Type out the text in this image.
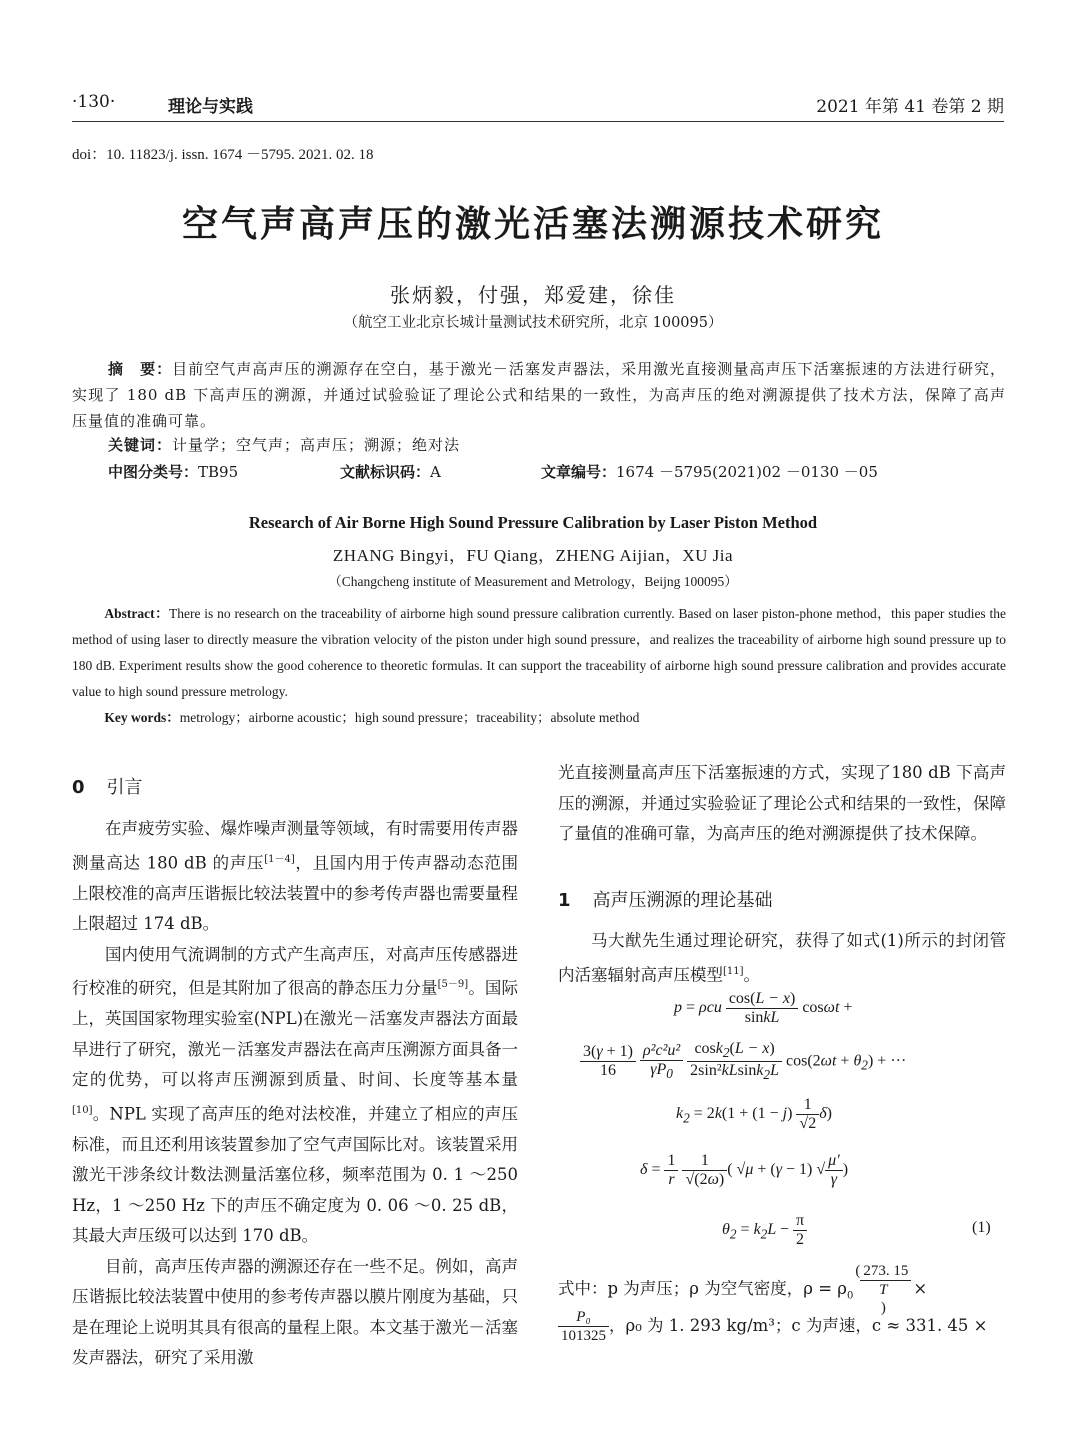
·130·	理论与实践	2021 年第 41 卷第 2 期
doi：10. 11823/j. issn. 1674 －5795. 2021. 02. 18
空气声高声压的激光活塞法溯源技术研究
张炳毅，付强，郑爱建，徐佳
（航空工业北京长城计量测试技术研究所，北京 100095）
摘　要：目前空气声高声压的溯源存在空白，基于激光－活塞发声器法，采用激光直接测量高声压下活塞振速的方法进行研究，实现了 180 dB 下高声压的溯源，并通过试验验证了理论公式和结果的一致性，为高声压的绝对溯源提供了技术方法，保障了高声压量值的准确可靠。
关键词：计量学；空气声；高声压；溯源；绝对法
中图分类号：TB95	文献标识码：A	文章编号：1674 －5795(2021)02 －0130 －05
Research of Air Borne High Sound Pressure Calibration by Laser Piston Method
ZHANG Bingyi，FU Qiang，ZHENG Aijian，XU Jia
（Changcheng institute of Measurement and Metrology，Beijng 100095）
Abstract：There is no research on the traceability of airborne high sound pressure calibration currently. Based on laser piston-phone method，this paper studies the method of using laser to directly measure the vibration velocity of the piston under high sound pressure，and realizes the traceability of airborne high sound pressure up to 180 dB. Experiment results show the good coherence to theoretic formulas. It can support the traceability of airborne high sound pressure calibration and provides accurate value to high sound pressure metrology.
Key words：metrology；airborne acoustic；high sound pressure；traceability；absolute method
0 引言

在声疲劳实验、爆炸噪声测量等领域，有时需要用传声器测量高达 180 dB 的声压[1－4]，且国内用于传声器动态范围上限校准的高声压谐振比较法装置中的参考传声器也需要量程上限超过 174 dB。

国内使用气流调制的方式产生高声压，对高声压传感器进行校准的研究，但是其附加了很高的静态压力分量[5－9]。国际上，英国国家物理实验室(NPL)在激光－活塞发声器法方面最早进行了研究，激光－活塞发声器法在高声压溯源方面具备一定的优势，可以将声压溯源到质量、时间、长度等基本量[10]。NPL 实现了高声压的绝对法校准，并建立了相应的声压标准，而且还利用该装置参加了空气声国际比对。该装置采用激光干涉条纹计数法测量活塞位移，频率范围为 0. 1 ～250 Hz，1 ～250 Hz 下的声压不确定度为 0. 06 ～0. 25 dB，其最大声压级可以达到 170 dB。

目前，高声压传声器的溯源还存在一些不足。例如，高声压谐振比较法装置中使用的参考传声器以膜片刚度为基础，只是在理论上说明其具有很高的量程上限。本文基于激光－活塞发声器法，研究了采用激

光直接测量高声压下活塞振速的方式，实现了180 dB 下高声压的溯源，并通过实验验证了理论公式和结果的一致性，保障了量值的准确可靠，为高声压的绝对溯源提供了技术保障。

1 高声压溯源的理论基础

马大猷先生通过理论研究，获得了如式(1)所示的封闭管内活塞辐射高声压模型[11]。

p = ρcu $\frac{\cos(L - x)}{\text{sinkL}}$ cosωt +
$\frac{3(\gamma + 1)}{16}$
$\frac{\text{ρ²c²u²}}{\gamma P_0}$
$\frac{\cos k_2(L - x)}{2\sin^2kLsink_2L} \cos(2\omega t + \theta_2)$ + ···
$k_2 = 2k(1 + (1 - j) \frac{1}{√2} \delta)$
$\delta = \frac{1}{r}$
$\frac{1}{√(2\omega)}$ ( √μ + (γ − 1) √ $\frac{\mu'}{\gamma}$ )
$\theta_2 = k_2L - \frac{\pi}{2}$	(1)

式中：p 为声压；ρ 为空气密度，$\rho = \rho_0$( 273. 15
T
)×

$\frac{\text{P₀}}{101325}$ ，ρ₀ 为 1. 293 kg/m³；c 为声速，c ≈ 331. 45 ×
